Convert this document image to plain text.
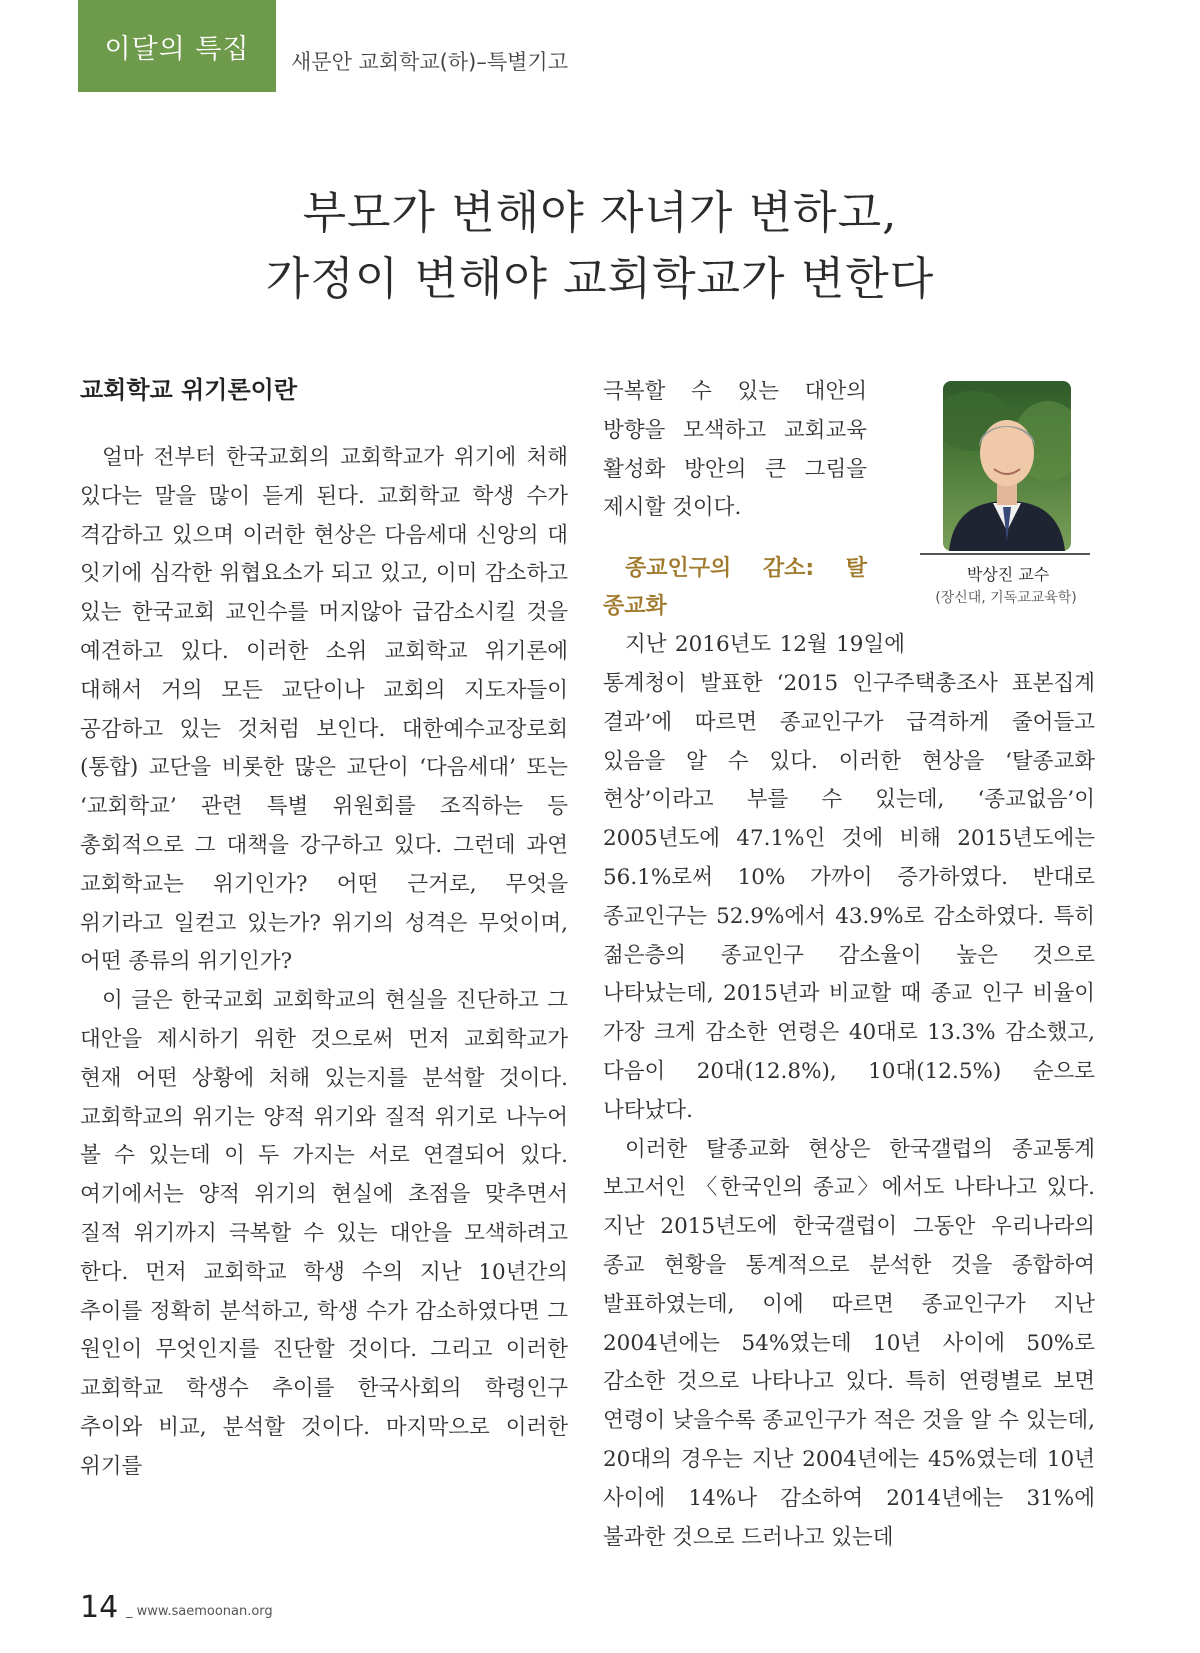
이달의 특집	새문안 교회학교(하)–특별기고
부모가 변해야 자녀가 변하고,
가정이 변해야 교회학교가 변한다
교회학교 위기론이란

얼마 전부터 한국교회의 교회학교가 위기에 처해 있다는 말을 많이 듣게 된다. 교회학교 학생 수가 격감하고 있으며 이러한 현상은 다음세대 신앙의 대 잇기에 심각한 위협요소가 되고 있고, 이미 감소하고 있는 한국교회 교인수를 머지않아 급감소시킬 것을 예견하고 있다. 이러한 소위 교회학교 위기론에 대해서 거의 모든 교단이나 교회의 지도자들이 공감하고 있는 것처럼 보인다. 대한예수교장로회(통합) 교단을 비롯한 많은 교단이 ‘다음세대’ 또는 ‘교회학교’ 관련 특별 위원회를 조직하는 등 총회적으로 그 대책을 강구하고 있다. 그런데 과연 교회학교는 위기인가? 어떤 근거로, 무엇을 위기라고 일컫고 있는가? 위기의 성격은 무엇이며, 어떤 종류의 위기인가?

이 글은 한국교회 교회학교의 현실을 진단하고 그 대안을 제시하기 위한 것으로써 먼저 교회학교가 현재 어떤 상황에 처해 있는지를 분석할 것이다. 교회학교의 위기는 양적 위기와 질적 위기로 나누어 볼 수 있는데 이 두 가지는 서로 연결되어 있다. 여기에서는 양적 위기의 현실에 초점을 맞추면서 질적 위기까지 극복할 수 있는 대안을 모색하려고 한다. 먼저 교회학교 학생 수의 지난 10년간의 추이를 정확히 분석하고, 학생 수가 감소하였다면 그 원인이 무엇인지를 진단할 것이다. 그리고 이러한 교회학교 학생수 추이를 한국사회의 학령인구 추이와 비교, 분석할 것이다. 마지막으로 이러한 위기를

극복할 수 있는 대안의 방향을 모색하고 교회교육 활성화 방안의 큰 그림을 제시할 것이다.

종교인구의 감소: 탈 종교화

지난 2016년도 12월 19일에 통계청이 발표한 ‘2015 인구주택총조사 표본집계 결과’에 따르면 종교인구가 급격하게 줄어들고 있음을 알 수 있다. 이러한 현상을 ‘탈종교화 현상’이라고 부를 수 있는데, ‘종교없음’이 2005년도에 47.1%인 것에 비해 2015년도에는 56.1%로써 10% 가까이 증가하였다. 반대로 종교인구는 52.9%에서 43.9%로 감소하였다. 특히 젊은층의 종교인구 감소율이 높은 것으로 나타났는데, 2015년과 비교할 때 종교 인구 비율이 가장 크게 감소한 연령은 40대로 13.3% 감소했고, 다음이 20대(12.8%), 10대(12.5%) 순으로 나타났다.

이러한 탈종교화 현상은 한국갤럽의 종교통계 보고서인 〈한국인의 종교〉에서도 나타나고 있다. 지난 2015년도에 한국갤럽이 그동안 우리나라의 종교 현황을 통계적으로 분석한 것을 종합하여 발표하였는데, 이에 따르면 종교인구가 지난 2004년에는 54%였는데 10년 사이에 50%로 감소한 것으로 나타나고 있다. 특히 연령별로 보면 연령이 낮을수록 종교인구가 적은 것을 알 수 있는데, 20대의 경우는 지난 2004년에는 45%였는데 10년 사이에 14%나 감소하여 2014년에는 31%에 불과한 것으로 드러나고 있는데

박상진 교수
(장신대, 기독교교육학)
14 _ www.saemoonan.org
